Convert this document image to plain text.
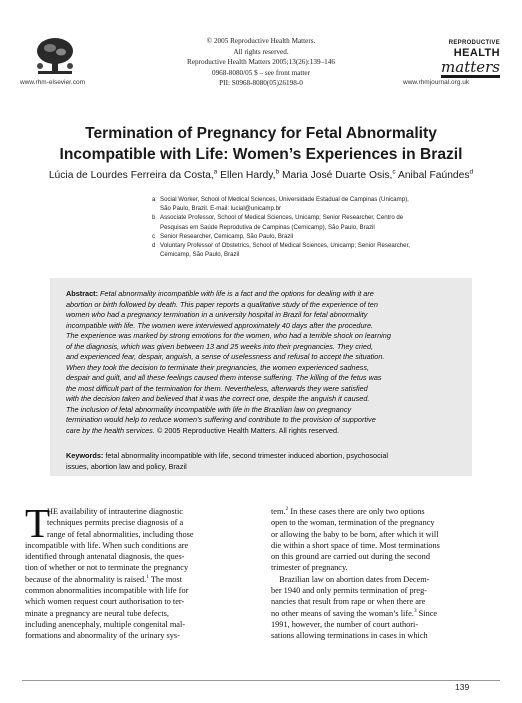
www.rhm-elsevier.com
© 2005 Reproductive Health Matters.
All rights reserved.
Reproductive Health Matters 2005;13(26):139–146
0968-8080/05 $ – see front matter
PII: S0968-8080(05)26198-0
REPRODUCTIVE
HEALTH
matters
www.rhmjournal.org.uk
Termination of Pregnancy for Fetal Abnormality
Incompatible with Life: Women’s Experiences in Brazil
Lúcia de Lourdes Ferreira da Costa,$^a$ Ellen Hardy,$^b$ Maria José Duarte Osis,$^c$ Anibal Faúndes$^d$
a Social Worker, School of Medical Sciences, Universidade Estadual de Campinas (Unicamp),
São Paulo, Brazil. E-mail: lucial@unicamp.br
b Associate Professor, School of Medical Sciences, Unicamp; Senior Researcher, Centro de
Pesquisas em Saúde Reprodutiva de Campinas (Cemicamp), São Paulo, Brazil
c Senior Researcher, Cemicamp, São Paulo, Brazil
d Voluntary Professor of Obstetrics, School of Medical Sciences, Unicamp; Senior Researcher,
Cemicamp, São Paulo, Brazil
Abstract: Fetal abnormality incompatible with life is a fact and the options for dealing with it are
abortion or birth followed by death. This paper reports a qualitative study of the experience of ten
women who had a pregnancy termination in a university hospital in Brazil for fetal abnormality
incompatible with life. The women were interviewed approximately 40 days after the procedure.
The experience was marked by strong emotions for the women, who had a terrible shock on learning
of the diagnosis, which was given between 13 and 25 weeks into their pregnancies. They cried,
and experienced fear, despair, anguish, a sense of uselessness and refusal to accept the situation.
When they took the decision to terminate their pregnancies, the women experienced sadness,
despair and guilt, and all these feelings caused them intense suffering. The killing of the fetus was
the most difficult part of the termination for them. Nevertheless, afterwards they were satisfied
with the decision taken and believed that it was the correct one, despite the anguish it caused.
The inclusion of fetal abnormality incompatible with life in the Brazilian law on pregnancy
termination would help to reduce women’s suffering and contribute to the provision of supportive
care by the health services. © 2005 Reproductive Health Matters. All rights reserved.
Keywords: fetal abnormality incompatible with life, second trimester induced abortion, psychosocial
issues, abortion law and policy, Brazil
T
HE availability of intrauterine diagnostic
techniques permits precise diagnosis of a
range of fetal abnormalities, including those
incompatible with life. When such conditions are
identified through antenatal diagnosis, the ques-
tion of whether or not to terminate the pregnancy
because of the abnormality is raised.$^1$ The most
common abnormalities incompatible with life for
which women request court authorisation to ter-
minate a pregnancy are neural tube defects,
including anencephaly, multiple congenital mal-
formations and abnormality of the urinary sys-
tem.$^2$ In these cases there are only two options
open to the woman, termination of the pregnancy
or allowing the baby to be born, after which it will
die within a short space of time. Most terminations
on this ground are carried out during the second
trimester of pregnancy.
Brazilian law on abortion dates from Decem-
ber 1940 and only permits termination of preg-
nancies that result from rape or when there are
no other means of saving the woman’s life.$^3$ Since
1991, however, the number of court authori-
sations allowing terminations in cases in which
139
